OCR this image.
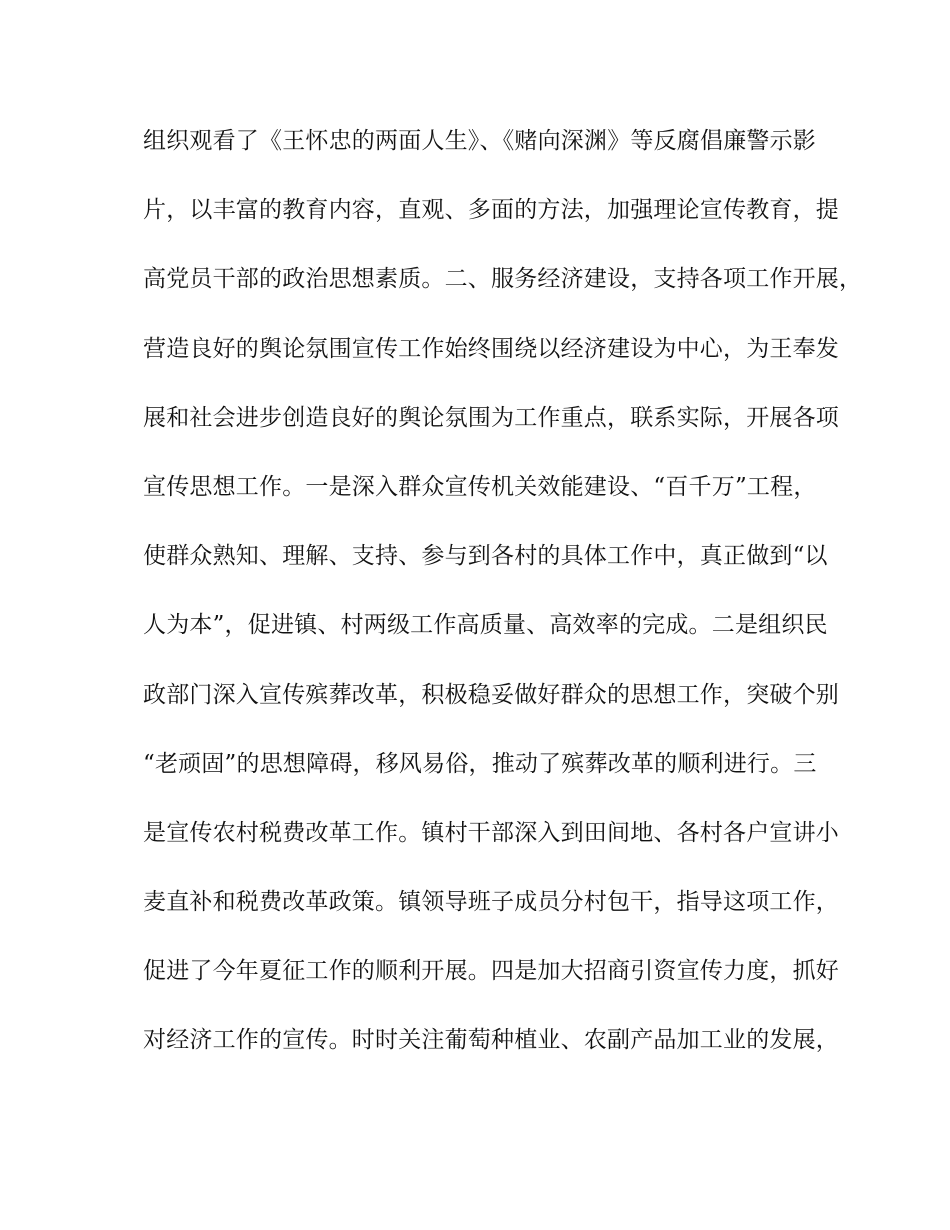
组织观看了《王怀忠的两面人生》、《赌向深渊》等反腐倡廉警示影
片，以丰富的教育内容，直观、多面的方法，加强理论宣传教育，提
高党员干部的政治思想素质。二、服务经济建设，支持各项工作开展，
营造良好的舆论氛围宣传工作始终围绕以经济建设为中心，为王奉发
展和社会进步创造良好的舆论氛围为工作重点，联系实际，开展各项
宣传思想工作。一是深入群众宣传机关效能建设、“百千万”工程，
使群众熟知、理解、支持、参与到各村的具体工作中，真正做到“以
人为本”，促进镇、村两级工作高质量、高效率的完成。二是组织民
政部门深入宣传殡葬改革，积极稳妥做好群众的思想工作，突破个别
“老顽固”的思想障碍，移风易俗，推动了殡葬改革的顺利进行。三
是宣传农村税费改革工作。镇村干部深入到田间地、各村各户宣讲小
麦直补和税费改革政策。镇领导班子成员分村包干，指导这项工作，
促进了今年夏征工作的顺利开展。四是加大招商引资宣传力度，抓好
对经济工作的宣传。时时关注葡萄种植业、农副产品加工业的发展，
